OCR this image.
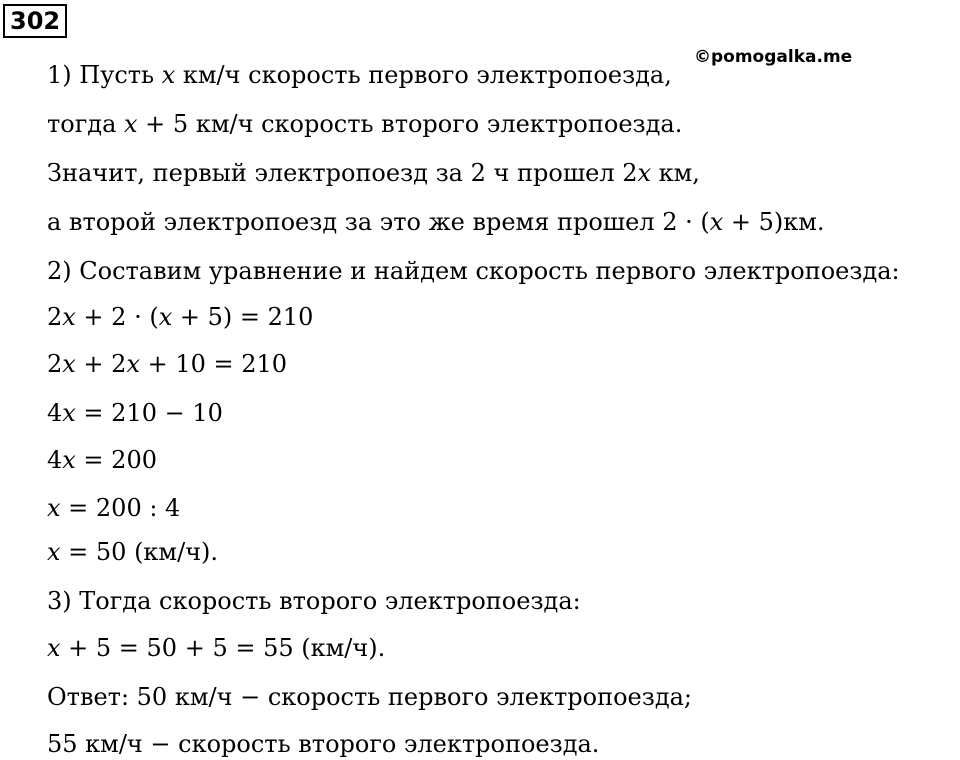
302
©pomogalka.me
1) Пусть 𝑥 км/ч скорость первого электропоезда,
тогда 𝑥 + 5 км/ч скорость второго электропоезда.
Значит, первый электропоезд за 2 ч прошел 2𝑥 км,
а второй электропоезд за это же время прошел 2 · (𝑥 + 5)км.
2) Составим уравнение и найдем скорость первого электропоезда:
2𝑥 + 2 · (𝑥 + 5) = 210
2𝑥 + 2𝑥 + 10 = 210
4𝑥 = 210 − 10
4𝑥 = 200
𝑥 = 200 : 4
𝑥 = 50 (км/ч).
3) Тогда скорость второго электропоезда:
𝑥 + 5 = 50 + 5 = 55 (км/ч).
Ответ: 50 км/ч − скорость первого электропоезда;
55 км/ч − скорость второго электропоезда.
